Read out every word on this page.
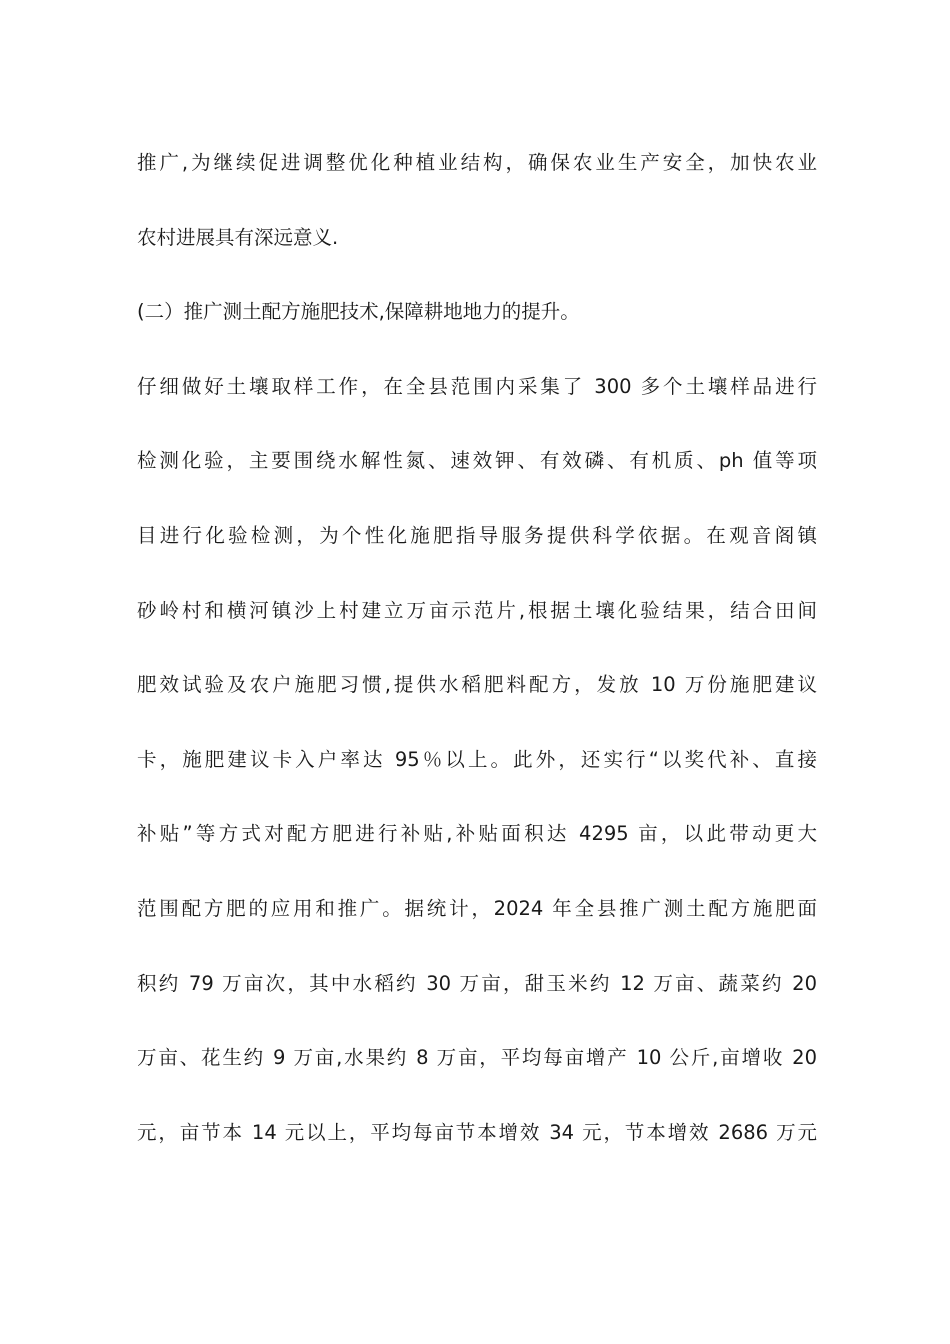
推广,为继续促进调整优化种植业结构，确保农业生产安全，加快农业
农村进展具有深远意义.
(二）推广测土配方施肥技术,保障耕地地力的提升。
仔细做好土壤取样工作，在全县范围内采集了 300 多个土壤样品进行
检测化验，主要围绕水解性氮、速效钾、有效磷、有机质、ph 值等项
目进行化验检测，为个性化施肥指导服务提供科学依据。在观音阁镇
砂岭村和横河镇沙上村建立万亩示范片,根据土壤化验结果，结合田间
肥效试验及农户施肥习惯,提供水稻肥料配方，发放 10 万份施肥建议
卡，施肥建议卡入户率达 95％以上。此外，还实行“以奖代补、直接
补贴”等方式对配方肥进行补贴,补贴面积达 4295 亩，以此带动更大
范围配方肥的应用和推广。据统计，2024 年全县推广测土配方施肥面
积约 79 万亩次，其中水稻约 30 万亩，甜玉米约 12 万亩、蔬菜约 20
万亩、花生约 9 万亩,水果约 8 万亩，平均每亩增产 10 公斤,亩增收 20
元，亩节本 14 元以上，平均每亩节本增效 34 元，节本增效 2686 万元
